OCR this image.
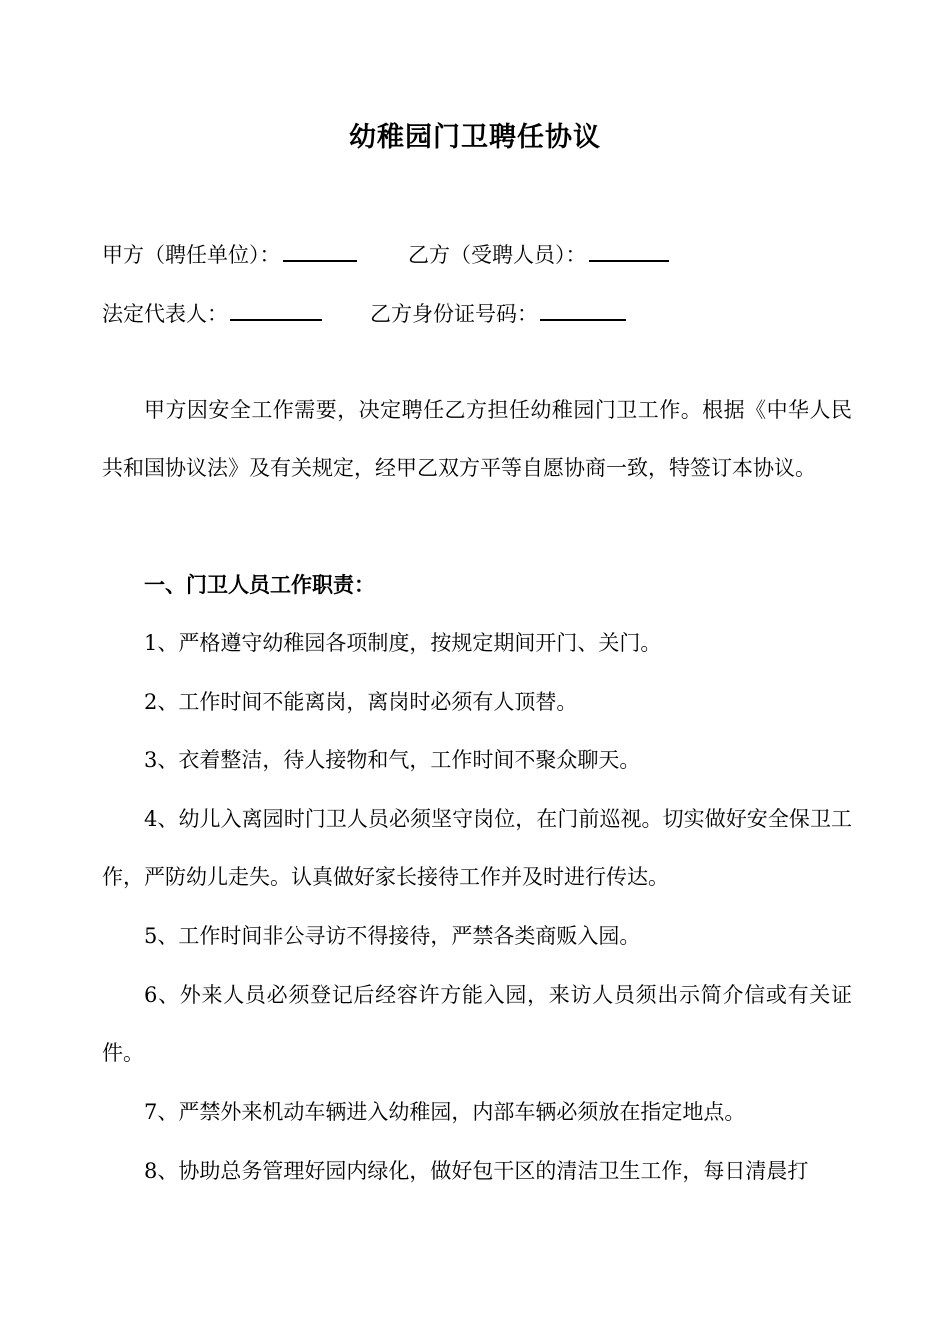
幼稚园门卫聘任协议
甲方（聘任单位）：	乙方（受聘人员）：
法定代表人：	乙方身份证号码：

甲方因安全工作需要，决定聘任乙方担任幼稚园门卫工作。根据《中华人民共和国协议法》及有关规定，经甲乙双方平等自愿协商一致，特签订本协议。

一、门卫人员工作职责：

1、严格遵守幼稚园各项制度，按规定期间开门、关门。

2、工作时间不能离岗，离岗时必须有人顶替。

3、衣着整洁，待人接物和气，工作时间不聚众聊天。

4、幼儿入离园时门卫人员必须坚守岗位，在门前巡视。切实做好安全保卫工作，严防幼儿走失。认真做好家长接待工作并及时进行传达。

5、工作时间非公寻访不得接待，严禁各类商贩入园。

6、外来人员必须登记后经容许方能入园，来访人员须出示简介信或有关证件。

7、严禁外来机动车辆进入幼稚园，内部车辆必须放在指定地点。

8、协助总务管理好园内绿化，做好包干区的清洁卫生工作，每日清晨打
